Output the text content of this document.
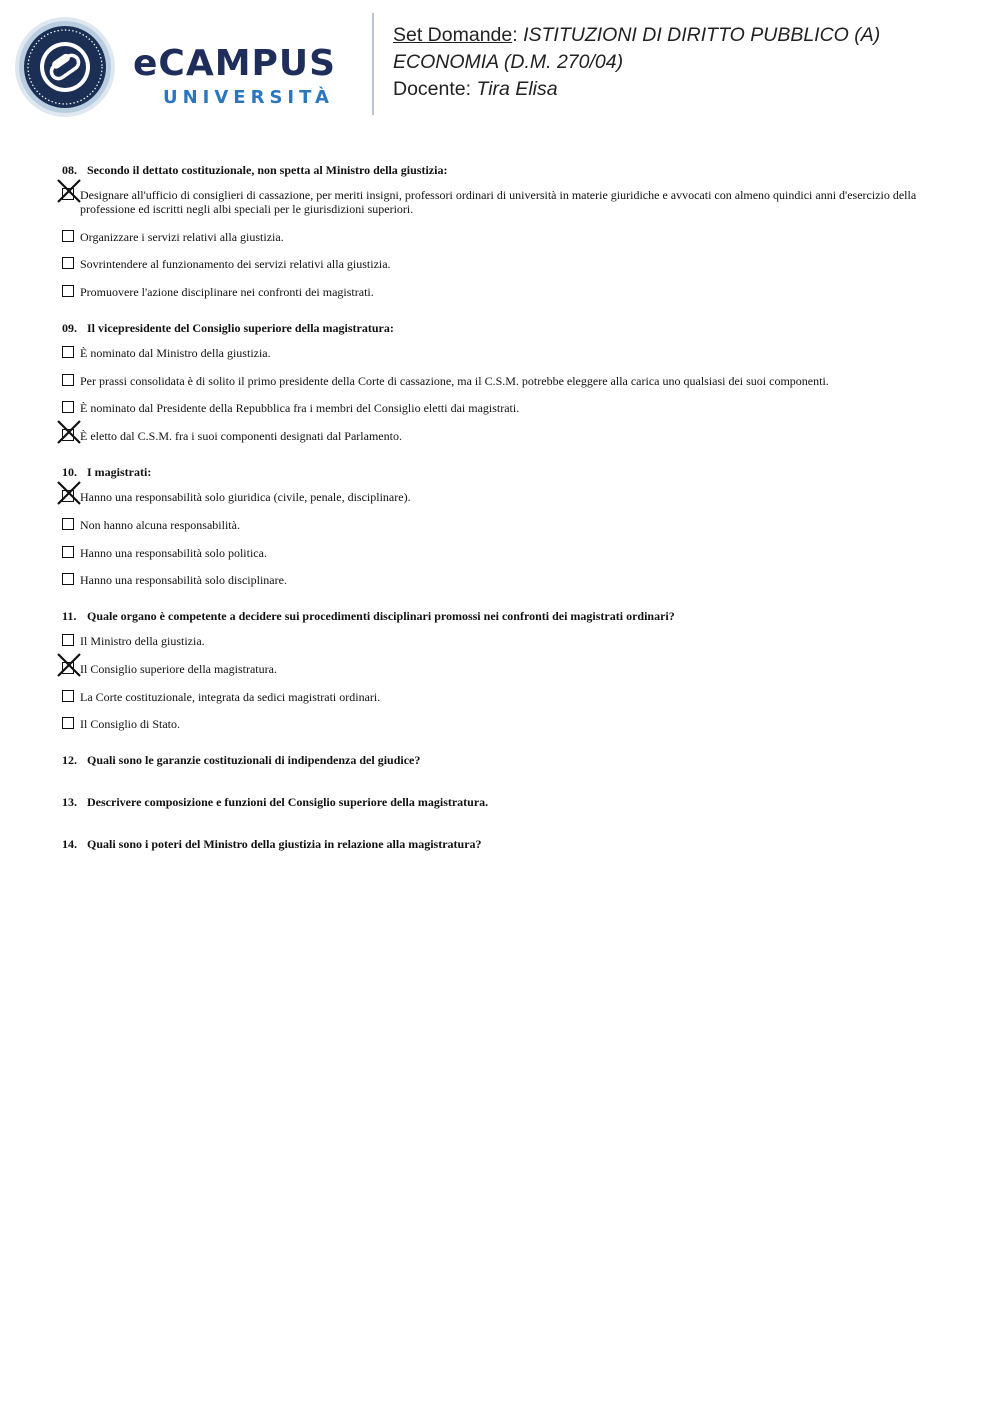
eCAMPUS
UNIVERSITÀ
Set Domande: ISTITUZIONI DI DIRITTO PUBBLICO (A)
ECONOMIA (D.M. 270/04)
Docente: Tira Elisa
08. Secondo il dettato costituzionale, non spetta al Ministro della giustizia:
Designare all'ufficio di consiglieri di cassazione, per meriti insigni, professori ordinari di università in materie giuridiche e avvocati con almeno quindici anni d'esercizio della professione ed iscritti negli albi speciali per le giurisdizioni superiori.
Organizzare i servizi relativi alla giustizia.
Sovrintendere al funzionamento dei servizi relativi alla giustizia.
Promuovere l'azione disciplinare nei confronti dei magistrati.
09. Il vicepresidente del Consiglio superiore della magistratura:
È nominato dal Ministro della giustizia.
Per prassi consolidata è di solito il primo presidente della Corte di cassazione, ma il C.S.M. potrebbe eleggere alla carica uno qualsiasi dei suoi componenti.
È nominato dal Presidente della Repubblica fra i membri del Consiglio eletti dai magistrati.
È eletto dal C.S.M. fra i suoi componenti designati dal Parlamento.
10. I magistrati:
Hanno una responsabilità solo giuridica (civile, penale, disciplinare).
Non hanno alcuna responsabilità.
Hanno una responsabilità solo politica.
Hanno una responsabilità solo disciplinare.
11. Quale organo è competente a decidere sui procedimenti disciplinari promossi nei confronti dei magistrati ordinari?
Il Ministro della giustizia.
Il Consiglio superiore della magistratura.
La Corte costituzionale, integrata da sedici magistrati ordinari.
Il Consiglio di Stato.
12. Quali sono le garanzie costituzionali di indipendenza del giudice?
13. Descrivere composizione e funzioni del Consiglio superiore della magistratura.
14. Quali sono i poteri del Ministro della giustizia in relazione alla magistratura?
